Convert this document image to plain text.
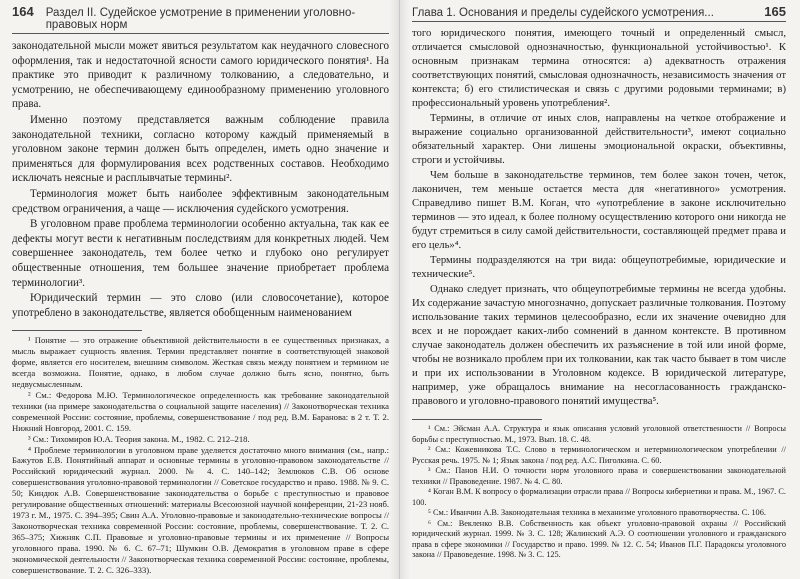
164 Раздел II. Судейское усмотрение в применении уголовно-правовых норм

законодательной мысли может явиться результатом как неудачного словесного оформления, так и недостаточной ясности самого юридического понятия¹. На практике это приводит к различному толкованию, а следовательно, и усмотрению, не обеспечивающему единообразному применению уголовного права.

Именно поэтому представляется важным соблюдение правила законодательной техники, согласно которому каждый применяемый в уголовном законе термин должен быть определен, иметь одно значение и применяться для формулирования всех родственных составов. Необходимо исключать неясные и расплывчатые термины².

Терминология может быть наиболее эффективным законодательным средством ограничения, а чаще — исключения судейского усмотрения.

В уголовном праве проблема терминологии особенно актуальна, так как ее дефекты могут вести к негативным последствиям для конкретных людей. Чем совершеннее законодатель, тем более четко и глубоко оно регулирует общественные отношения, тем большее значение приобретает проблема терминологии³.

Юридический термин — это слово (или словосочетание), которое употреблено в законодательстве, является обобщенным наименованием

¹ Понятие — это отражение объективной действительности в ее существенных признаках, а мысль выражает сущность явления. Термин представляет понятие в соответствующей знаковой форме, является его носителем, внешним символом. Жесткая связь между понятием и термином не всегда возможна. Понятие, однако, в любом случае должно быть ясно, понятно, быть недвусмысленным.

² См.: Федорова М.Ю. Терминологическое определенность как требование законодательной техники (на примере законодательства о социальной защите населения) // Законотворческая техника современной России: состояние, проблемы, совершенствование / под ред. В.М. Баранова: в 2 т. Т. 2. Нижний Новгород, 2001. С. 159.

³ См.: Тихомиров Ю.А. Теория закона. М., 1982. С. 212–218.

⁴ Проблеме терминологии в уголовном праве уделяется достаточно много внимания (см., напр.: Бажутов Е.В. Понятийный аппарат и основные термины в уголовно-правовом законодательстве // Российский юридический журнал. 2000. № 4. С. 140–142; Землюков С.В. Об основе совершенствования уголовно-правовой терминологии // Советское государство и право. 1988. № 9. С. 50; Киндюк А.В. Совершенствование законодательства о борьбе с преступностью и правовое регулирование общественных отношений: материалы Всесоюзной научной конференции, 21-23 нояб. 1973 г. М., 1975. С. 394–395; Свин А.А. Уголовно-правовые и законодательно-технические вопросы // Законотворческая техника современной России: состояние, проблемы, совершенствование. Т. 2. С. 365–375; Хижняк С.П. Правовые и уголовно-правовые термины и их применение // Вопросы уголовного права. 1990. № 6. С. 67–71; Шумкин О.В. Демократия в уголовном праве в сфере экономической деятельности // Законотворческая техника современной России: состояние, проблемы, совершенствование. Т. 2. С. 326–333).

Глава 1. Основания и пределы судейского усмотрения...	165

того юридического понятия, имеющего точный и определенный смысл, отличается смысловой однозначностью, функциональной устойчивостью¹. К основным признакам термина относятся: а) адекватность отражения соответствующих понятий, смысловая однозначность, независимость значения от контекста; б) его стилистическая и связь с другими родовыми терминами; в) профессиональный уровень употребления².

Термины, в отличие от иных слов, направлены на четкое отображение и выражение социально организованной действительности³, имеют социально обязательный характер. Они лишены эмоциональной окраски, объективны, строги и устойчивы.

Чем больше в законодательстве терминов, тем более закон точен, четок, лаконичен, тем меньше остается места для «негативного» усмотрения. Справедливо пишет В.М. Коган, что «употребление в законе исключительно терминов — это идеал, к более полному осуществлению которого они никогда не будут стремиться в силу самой действительности, составляющей предмет права и его цель»⁴.

Термины подразделяются на три вида: общеупотребимые, юридические и технические⁵.

Однако следует признать, что общеупотребимые термины не всегда удобны. Их содержание зачастую многозначно, допускает различные толкования. Поэтому использование таких терминов целесообразно, если их значение очевидно для всех и не порождает каких-либо сомнений в данном контексте. В противном случае законодатель должен обеспечить их разъяснение в той или иной форме, чтобы не возникало проблем при их толковании, как так часто бывает в том числе и при их использовании в Уголовном кодексе. В юридической литературе, например, уже обращалось внимание на несогласованность гражданско-правового и уголовно-правового понятий имущества⁵.

¹ См.: Эйсман А.А. Структура и язык описания условий уголовной ответственности // Вопросы борьбы с преступностью. М., 1973. Вып. 18. С. 48.

² См.: Кожевникова Т.С. Слово в терминологическом и нетерминологическом употреблении // Русская речь. 1975. № 1; Язык закона / под ред. А.С. Пиголкина. С. 60.

³ См.: Панов Н.И. О точности норм уголовного права и совершенствовании законодательной техники // Правоведение. 1987. № 4. С. 80.

⁴ Коган В.М. К вопросу о формализации отрасли права // Вопросы кибернетики и права. М., 1967. С. 100.

⁵ См.: Иванчин А.В. Законодательная техника в механизме уголовного правотворчества. С. 106.

⁶ См.: Векленко В.В. Собственность как объект уголовно-правовой охраны // Российский юридический журнал. 1999. № 3. С. 128; Жалинский А.Э. О соотношении уголовного и гражданского права в сфере экономики // Государство и право. 1999. № 12. С. 54; Иванов П.Г. Парадоксы уголовного закона // Правоведение. 1998. № 3. С. 125.
